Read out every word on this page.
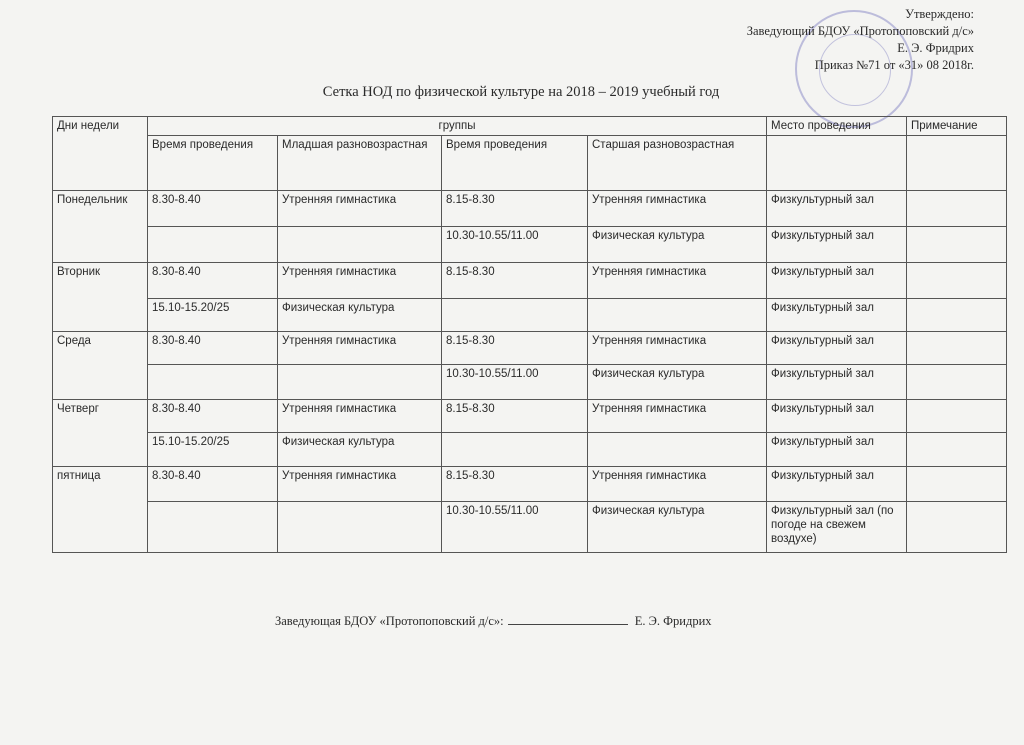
Утверждено:
Заведующий БДОУ «Протопоповский д/с»
Е. Э. Фридрих
Приказ №71 от «31» 08 2018г.
Сетка НОД по физической культуре на 2018 – 2019 учебный год
Дни недели	группы				Место проведения	Примечание
	Время проведения	Младшая разновозрастная	Время проведения	Старшая разновозрастная		
Понедельник	8.30-8.40	Утренняя гимнастика	8.15-8.30	Утренняя гимнастика	Физкультурный зал	
			10.30-10.55/11.00	Физическая культура	Физкультурный зал	
Вторник	8.30-8.40	Утренняя гимнастика	8.15-8.30	Утренняя гимнастика	Физкультурный зал	
	15.10-15.20/25	Физическая культура			Физкультурный зал	
Среда	8.30-8.40	Утренняя гимнастика	8.15-8.30	Утренняя гимнастика	Физкультурный зал	
			10.30-10.55/11.00	Физическая культура	Физкультурный зал	
Четверг	8.30-8.40	Утренняя гимнастика	8.15-8.30	Утренняя гимнастика	Физкультурный зал	
	15.10-15.20/25	Физическая культура			Физкультурный зал	
пятница	8.30-8.40	Утренняя гимнастика	8.15-8.30	Утренняя гимнастика	Физкультурный зал	
			10.30-10.55/11.00	Физическая культура	Физкультурный зал (по погоде на свежем воздухе)	
Заведующая БДОУ «Протопоповский д/с»:	Е. Э. Фридрих
